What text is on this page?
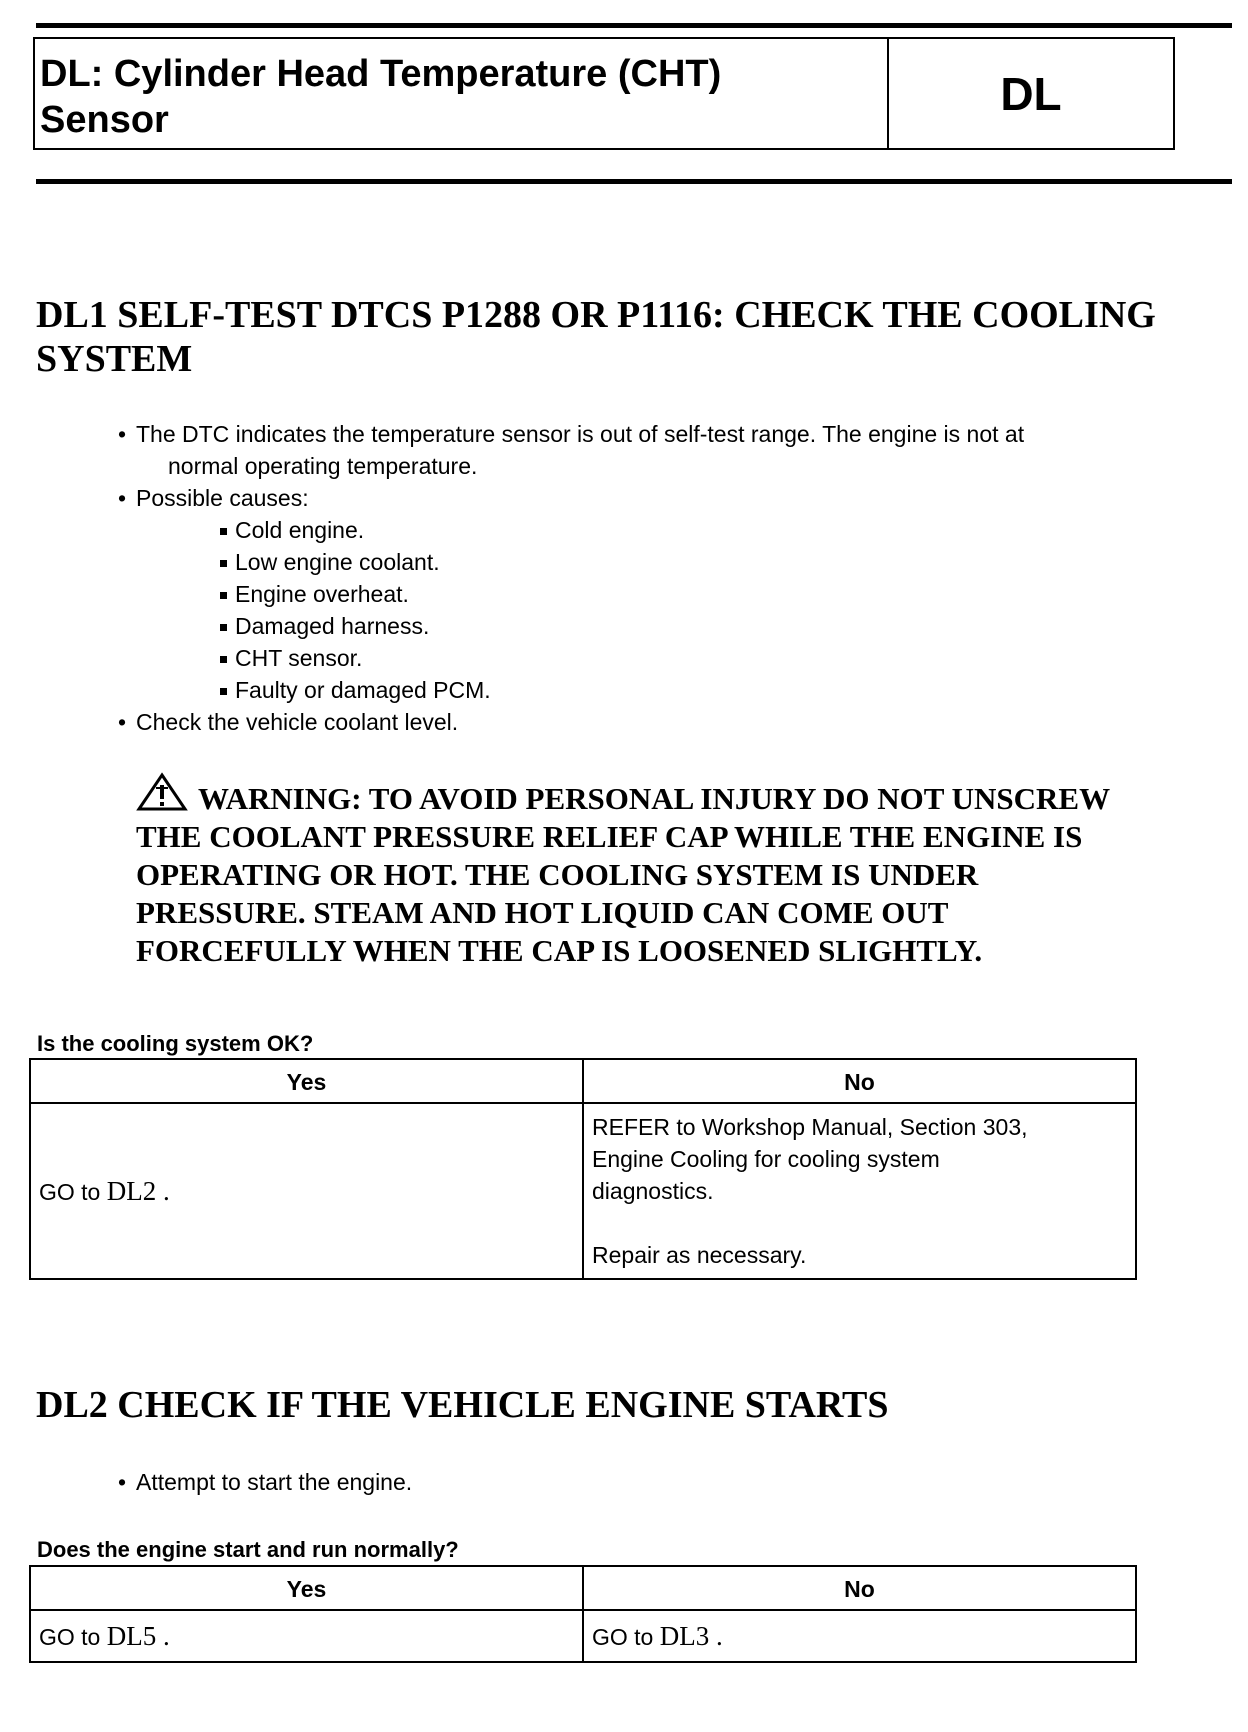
DL: Cylinder Head Temperature (CHT)
Sensor
DL
DL1 SELF-TEST DTCS P1288 OR P1116: CHECK THE COOLING
SYSTEM
• The DTC indicates the temperature sensor is out of self-test range. The engine is not at
normal operating temperature.
• Possible causes:
Cold engine.
Low engine coolant.
Engine overheat.
Damaged harness.
CHT sensor.
Faulty or damaged PCM.
• Check the vehicle coolant level.
WARNING: TO AVOID PERSONAL INJURY DO NOT UNSCREW
THE COOLANT PRESSURE RELIEF CAP WHILE THE ENGINE IS
OPERATING OR HOT. THE COOLING SYSTEM IS UNDER
PRESSURE. STEAM AND HOT LIQUID CAN COME OUT
FORCEFULLY WHEN THE CAP IS LOOSENED SLIGHTLY.
Is the cooling system OK?
Yes	No
GO to DL2 .	REFER to Workshop Manual, Section 303,
Engine Cooling for cooling system
diagnostics.

Repair as necessary.

DL2 CHECK IF THE VEHICLE ENGINE STARTS
• Attempt to start the engine.
Does the engine start and run normally?
Yes	No
GO to DL5 .	GO to DL3 .
